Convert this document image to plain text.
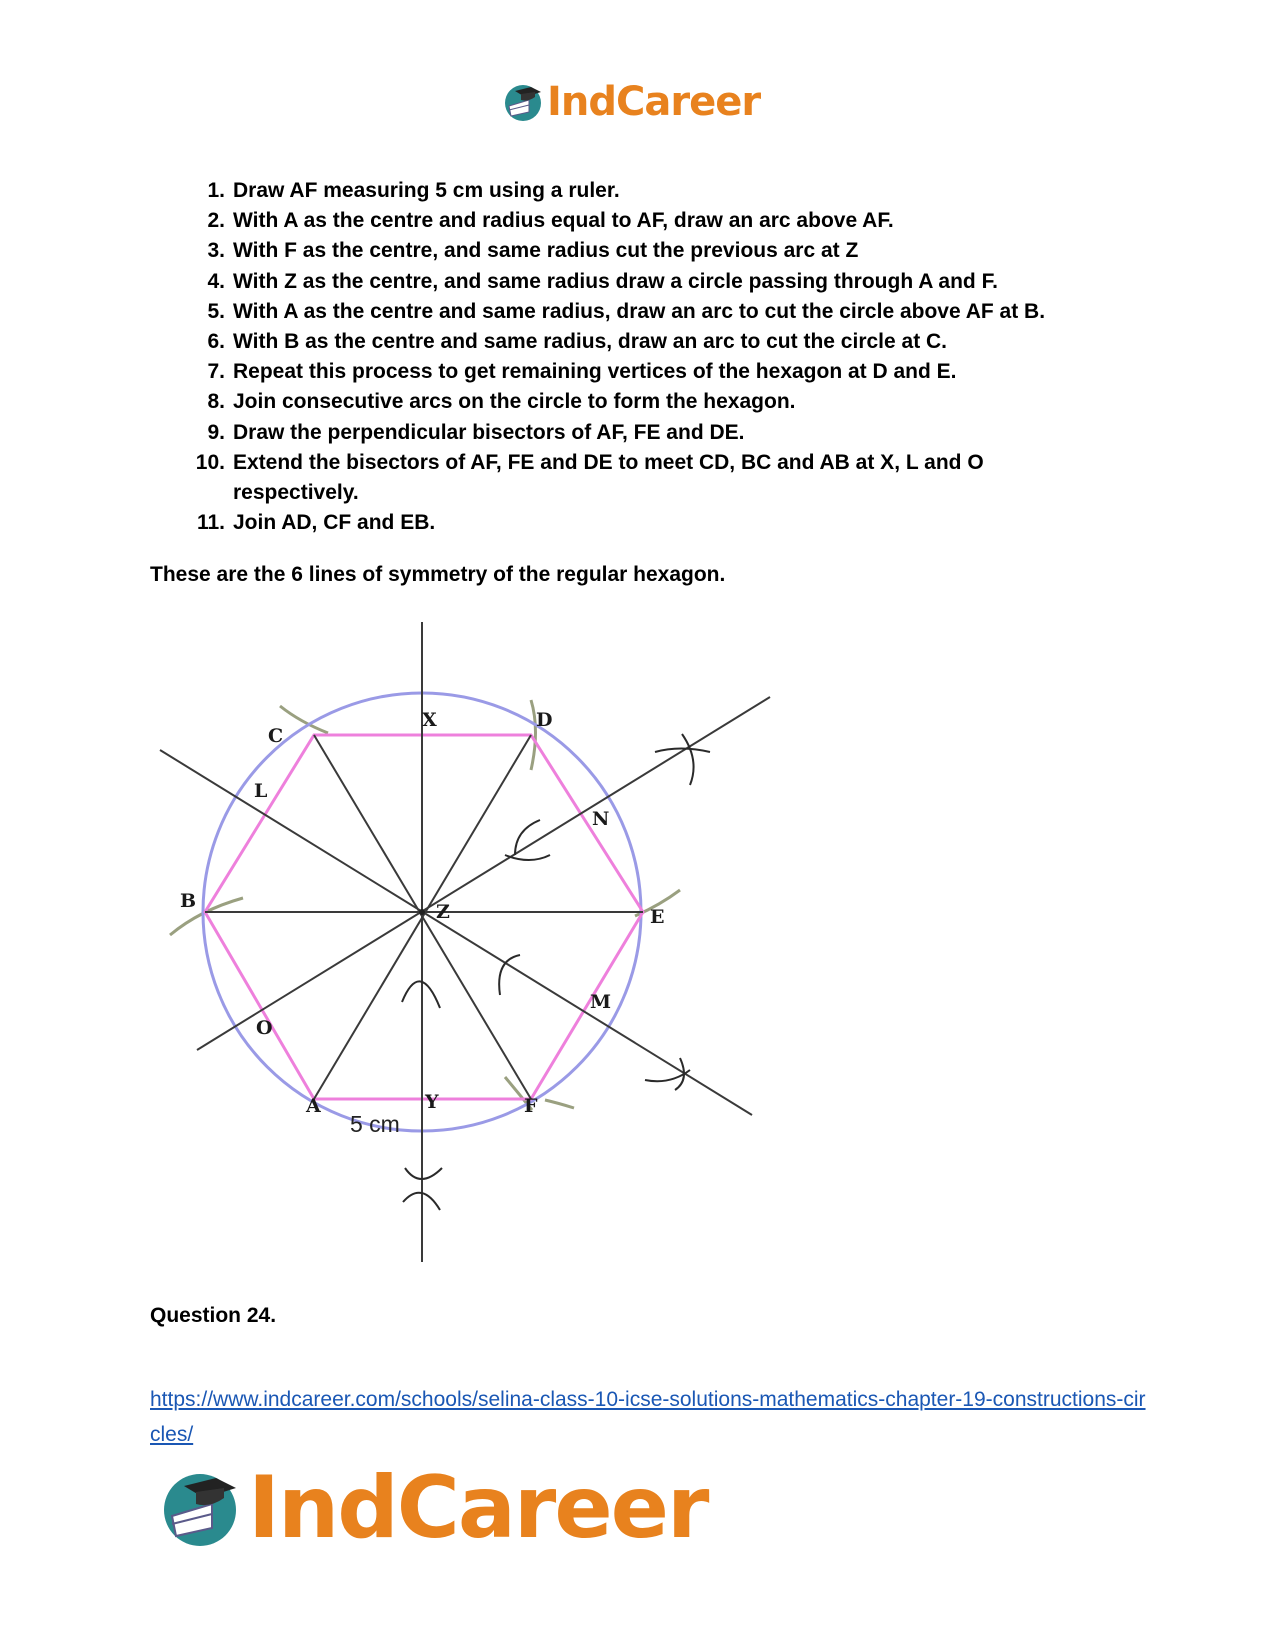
IndCareer
1. Draw AF measuring 5 cm using a ruler.
2. With A as the centre and radius equal to AF, draw an arc above AF.
3. With F as the centre, and same radius cut the previous arc at Z
4. With Z as the centre, and same radius draw a circle passing through A and F.
5. With A as the centre and same radius, draw an arc to cut the circle above AF at B.
6. With B as the centre and same radius, draw an arc to cut the circle at C.
7. Repeat this process to get remaining vertices of the hexagon at D and E.
8. Join consecutive arcs on the circle to form the hexagon.
9. Draw the perpendicular bisectors of AF, FE and DE.
10. Extend the bisectors of AF, FE and DE to meet CD, BC and AB at X, L and O respectively.
11. Join AD, CF and EB.
These are the 6 lines of symmetry of the regular hexagon.
A
B
C
D
E
F
X
Y
Z
L
M
N
O
5 cm
Question 24.
https://www.indcareer.com/schools/selina-class-10-icse-solutions-mathematics-chapter-19-constructions-circles/
IndCareer
